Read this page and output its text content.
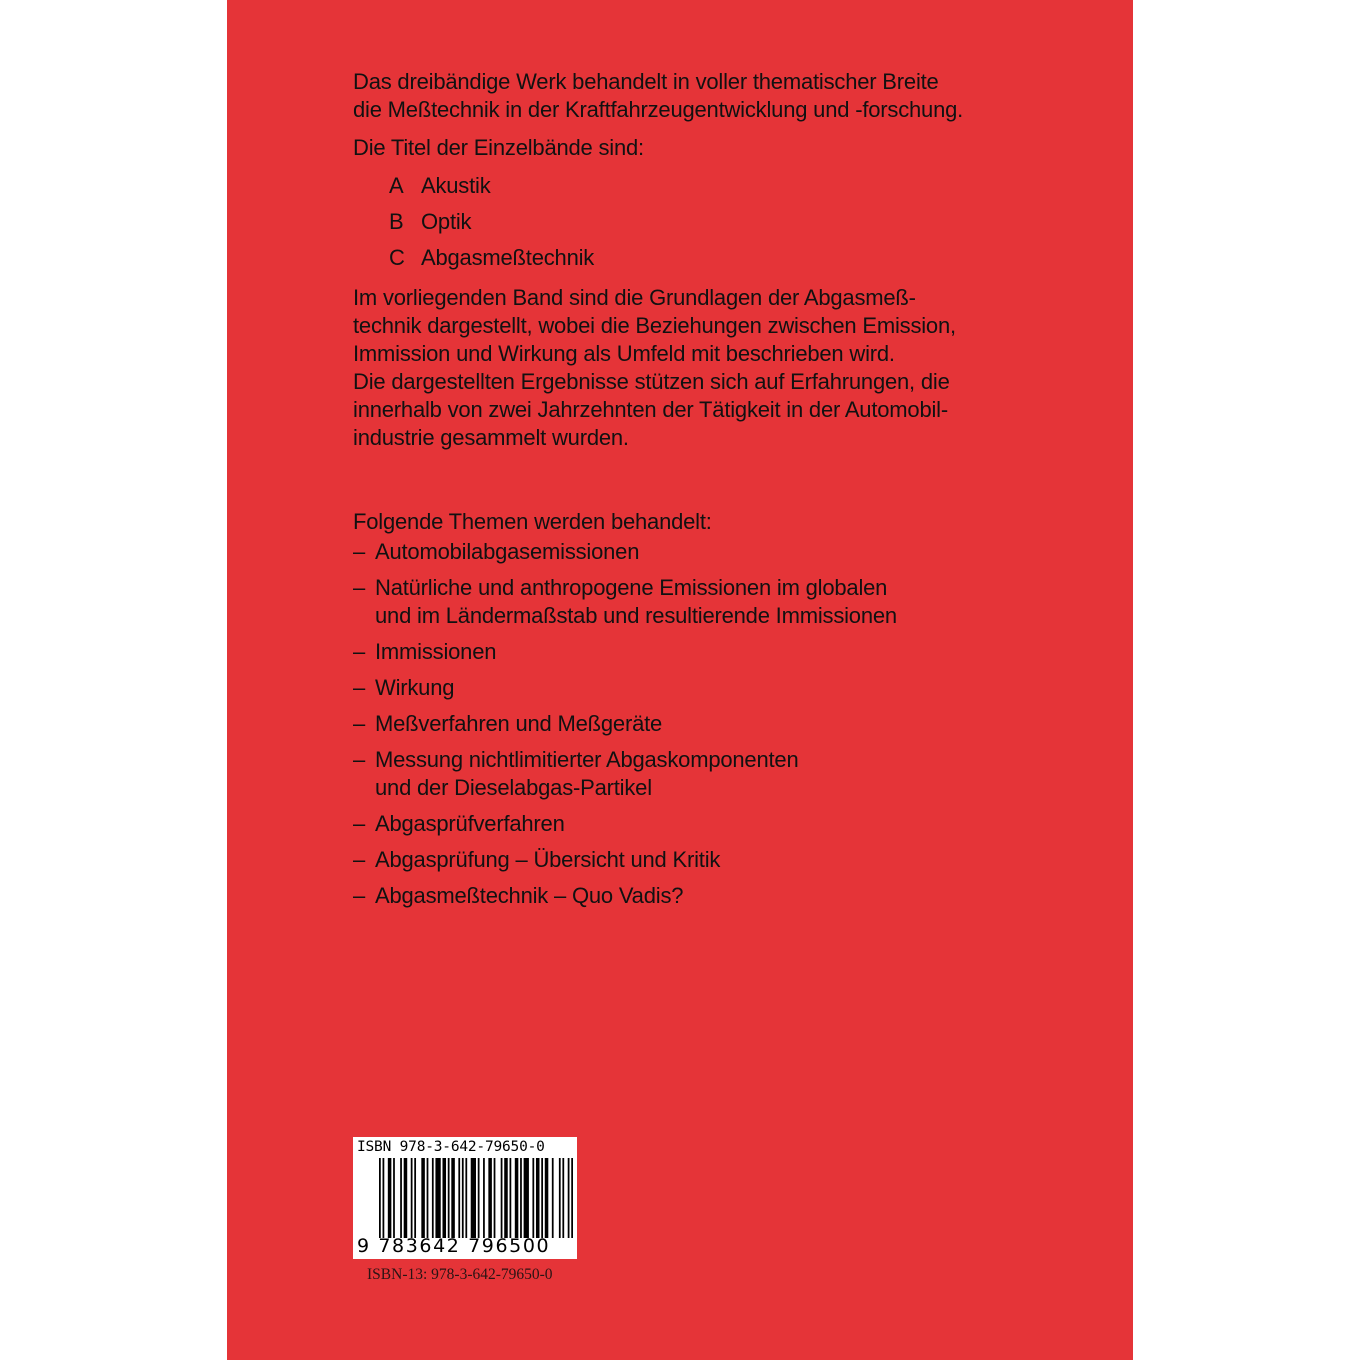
Das dreibändige Werk behandelt in voller thematischer Breite
die Meßtechnik in der Kraftfahrzeugentwicklung und -forschung.

Die Titel der Einzelbände sind:

A Akustik
B Optik
C Abgasmeßtechnik

Im vorliegenden Band sind die Grundlagen der Abgasmeß-
technik dargestellt, wobei die Beziehungen zwischen Emission,
Immission und Wirkung als Umfeld mit beschrieben wird.
Die dargestellten Ergebnisse stützen sich auf Erfahrungen, die
innerhalb von zwei Jahrzehnten der Tätigkeit in der Automobil-
industrie gesammelt wurden.

Folgende Themen werden behandelt:

– Automobilabgasemissionen
– Natürliche und anthropogene Emissionen im globalen
und im Ländermaßstab und resultierende Immissionen
– Immissionen
– Wirkung
– Meßverfahren und Meßgeräte
– Messung nichtlimitierter Abgaskomponenten
und der Dieselabgas-Partikel
– Abgasprüfverfahren
– Abgasprüfung – Übersicht und Kritik
– Abgasmeßtechnik – Quo Vadis?
ISBN 978-3-642-79650-0
9 783642 796500
ISBN-13: 978-3-642-79650-0
